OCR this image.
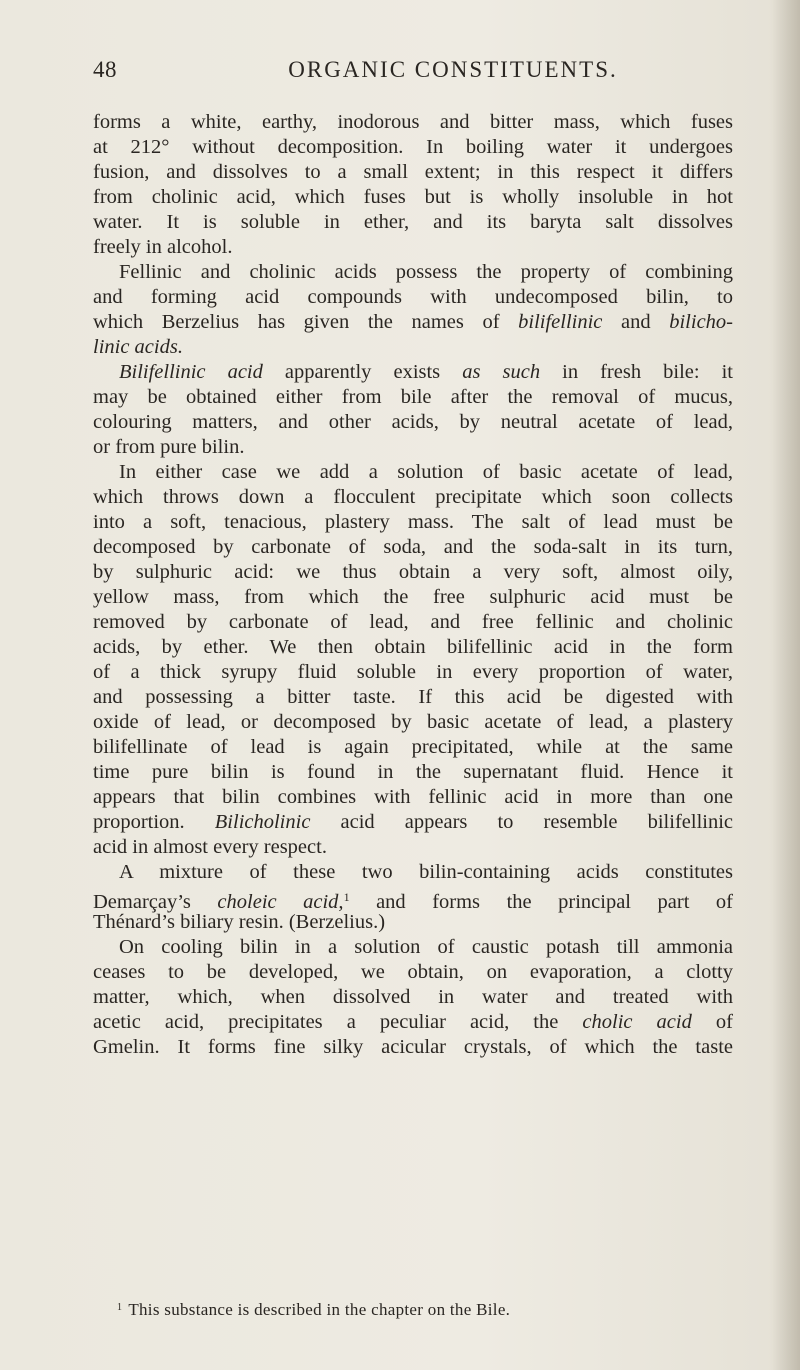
48	ORGANIC CONSTITUENTS.
forms a white, earthy, inodorous and bitter mass, which fuses
at 212° without decomposition. In boiling water it undergoes
fusion, and dissolves to a small extent; in this respect it differs
from cholinic acid, which fuses but is wholly insoluble in hot
water. It is soluble in ether, and its baryta salt dissolves
freely in alcohol.
Fellinic and cholinic acids possess the property of combining
and forming acid compounds with undecomposed bilin, to
which Berzelius has given the names of bilifellinic and bilicho-
linic acids.
Bilifellinic acid apparently exists as such in fresh bile: it
may be obtained either from bile after the removal of mucus,
colouring matters, and other acids, by neutral acetate of lead,
or from pure bilin.
In either case we add a solution of basic acetate of lead,
which throws down a flocculent precipitate which soon collects
into a soft, tenacious, plastery mass. The salt of lead must be
decomposed by carbonate of soda, and the soda-salt in its turn,
by sulphuric acid: we thus obtain a very soft, almost oily,
yellow mass, from which the free sulphuric acid must be
removed by carbonate of lead, and free fellinic and cholinic
acids, by ether. We then obtain bilifellinic acid in the form
of a thick syrupy fluid soluble in every proportion of water,
and possessing a bitter taste. If this acid be digested with
oxide of lead, or decomposed by basic acetate of lead, a plastery
bilifellinate of lead is again precipitated, while at the same
time pure bilin is found in the supernatant fluid. Hence it
appears that bilin combines with fellinic acid in more than one
proportion. Bilicholinic acid appears to resemble bilifellinic
acid in almost every respect.
A mixture of these two bilin-containing acids constitutes
Demarçay’s choleic acid,$^1$ and forms the principal part of
Thénard’s biliary resin. (Berzelius.)
On cooling bilin in a solution of caustic potash till ammonia
ceases to be developed, we obtain, on evaporation, a clotty
matter, which, when dissolved in water and treated with
acetic acid, precipitates a peculiar acid, the cholic acid of
Gmelin. It forms fine silky acicular crystals, of which the taste
$^1$ This substance is described in the chapter on the Bile.
